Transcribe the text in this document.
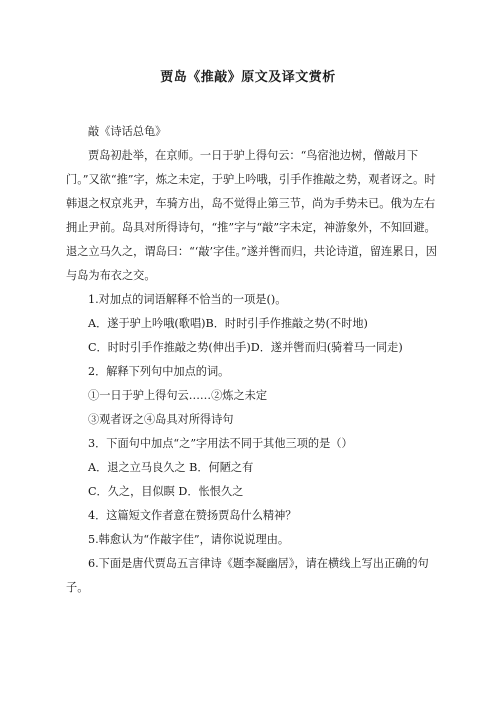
贾岛《推敲》原文及译文赏析

敲《诗话总龟》

贾岛初赴举，在京师。一日于驴上得句云：“鸟宿池边树，僧敲月下门。”又欲“推”字，炼之未定，于驴上吟哦，引手作推敲之势，观者讶之。时韩退之权京兆尹，车骑方出，岛不觉得止第三节，尚为手势未已。俄为左右拥止尹前。岛具对所得诗句，“推”字与“敲”字未定，神游象外，不知回避。退之立马久之，谓岛曰：“‘敲’字佳。”遂并辔而归，共论诗道，留连累日，因与岛为布衣之交。

1.对加点的词语解释不恰当的一项是()。

A．遂于驴上吟哦(歌唱)B．时时引手作推敲之势(不时地)

C．时时引手作推敲之势(伸出手)D．遂并辔而归(骑着马一同走)

2．解释下列句中加点的词。

①一日于驴上得句云……②炼之未定

③观者讶之④岛具对所得诗句

3．下面句中加点“之”字用法不同于其他三项的是（）

A．退之立马良久之 B．何陋之有

C．久之，目似瞑 D．怅恨久之

4．这篇短文作者意在赞扬贾岛什么精神？

5.韩愈认为“作敲字佳”，请你说说理由。

6.下面是唐代贾岛五言律诗《题李凝幽居》，请在横线上写出正确的句子。
